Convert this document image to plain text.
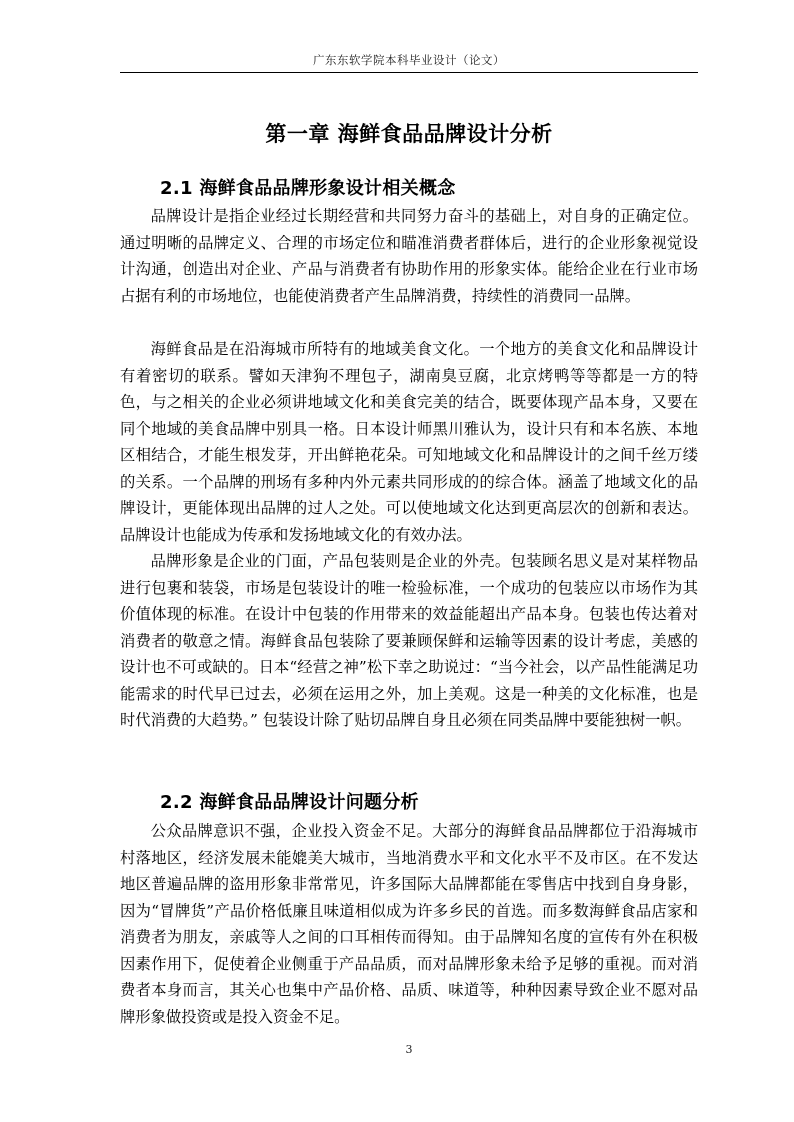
广东东软学院本科毕业设计（论文）
第一章 海鲜食品品牌设计分析
2.1 海鲜食品品牌形象设计相关概念

品牌设计是指企业经过长期经营和共同努力奋斗的基础上，对自身的正确定位。通过明晰的品牌定义、合理的市场定位和瞄准消费者群体后，进行的企业形象视觉设计沟通，创造出对企业、产品与消费者有协助作用的形象实体。能给企业在行业市场占据有利的市场地位，也能使消费者产生品牌消费，持续性的消费同一品牌。

海鲜食品是在沿海城市所特有的地域美食文化。一个地方的美食文化和品牌设计有着密切的联系。譬如天津狗不理包子，湖南臭豆腐，北京烤鸭等等都是一方的特色，与之相关的企业必须讲地域文化和美食完美的结合，既要体现产品本身，又要在同个地域的美食品牌中别具一格。日本设计师黑川雅认为，设计只有和本名族、本地区相结合，才能生根发芽，开出鲜艳花朵。可知地域文化和品牌设计的之间千丝万缕的关系。一个品牌的刑场有多种内外元素共同形成的的综合体。涵盖了地域文化的品牌设计，更能体现出品牌的过人之处。可以使地域文化达到更高层次的创新和表达。品牌设计也能成为传承和发扬地域文化的有效办法。

品牌形象是企业的门面，产品包装则是企业的外壳。包装顾名思义是对某样物品进行包裹和装袋，市场是包装设计的唯一检验标准，一个成功的包装应以市场作为其价值体现的标准。在设计中包装的作用带来的效益能超出产品本身。包装也传达着对消费者的敬意之情。海鲜食品包装除了要兼顾保鲜和运输等因素的设计考虑，美感的设计也不可或缺的。日本“经营之神”松下幸之助说过：“当今社会，以产品性能满足功能需求的时代早已过去，必须在运用之外，加上美观。这是一种美的文化标准，也是时代消费的大趋势。” 包装设计除了贴切品牌自身且必须在同类品牌中要能独树一帜。

2.2 海鲜食品品牌设计问题分析

公众品牌意识不强，企业投入资金不足。大部分的海鲜食品品牌都位于沿海城市村落地区，经济发展未能媲美大城市，当地消费水平和文化水平不及市区。在不发达地区普遍品牌的盗用形象非常常见，许多国际大品牌都能在零售店中找到自身身影，因为“冒牌货”产品价格低廉且味道相似成为许多乡民的首选。而多数海鲜食品店家和消费者为朋友，亲戚等人之间的口耳相传而得知。由于品牌知名度的宣传有外在积极因素作用下，促使着企业侧重于产品品质，而对品牌形象未给予足够的重视。而对消费者本身而言，其关心也集中产品价格、品质、味道等，种种因素导致企业不愿对品牌形象做投资或是投入资金不足。

3
